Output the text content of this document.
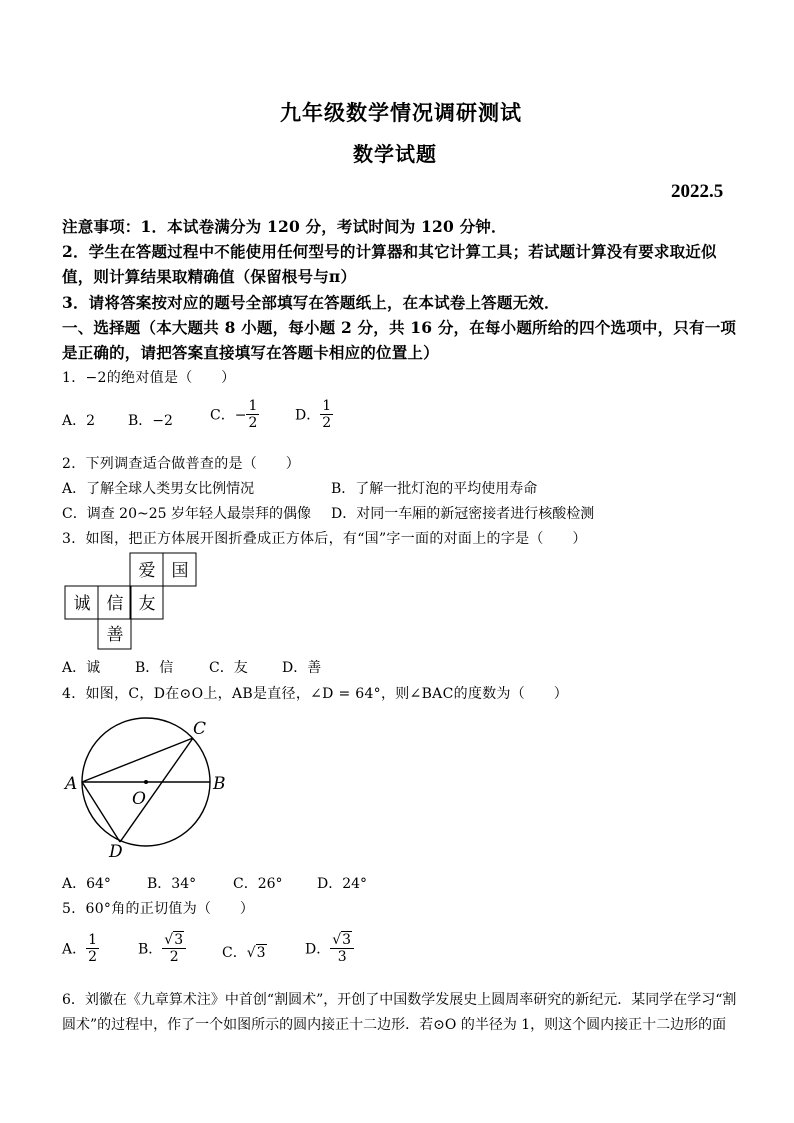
九年级数学情况调研测试
数学试题
2022.5
注意事项：1．本试卷满分为 120 分，考试时间为 120 分钟．
2．学生在答题过程中不能使用任何型号的计算器和其它计算工具；若试题计算没有要求取近似
值，则计算结果取精确值（保留根号与π）
3．请将答案按对应的题号全部填写在答题纸上，在本试卷上答题无效．
一、选择题（本大题共 8 小题，每小题 2 分，共 16 分，在每小题所给的四个选项中，只有一项
是正确的，请把答案直接填写在答题卡相应的位置上）
1．−2的绝对值是（　　）
A．2 B．−2	C．− $\frac{1}{2}$	D． $\frac{1}{2}$
2．下列调查适合做普查的是（　　）
A．了解全球人类男女比例情况	B．了解一批灯泡的平均使用寿命
C．调查 20~25 岁年轻人最崇拜的偶像 D．对同一车厢的新冠密接者进行核酸检测
3．如图，把正方体展开图折叠成正方体后，有“国”字一面的对面上的字是（　　）
爱 国
诚 信 友
善
A．诚 B．信	C．友 D．善
4．如图，C，D在⊙O上，AB是直径，∠D = 64°，则∠BAC的度数为（　　）
A	B
C
D
O
A．64°	B．34°	C．26° D．24°
5．60°角的正切值为（　　）
A． $\frac{1}{2}$	B． $\frac{√3}{2}$	C．√3	D． $\frac{√3}{3}$
6．刘徽在《九章算术注》中首创“割圆术”，开创了中国数学发展史上圆周率研究的新纪元．某同学在学习“割
圆术”的过程中，作了一个如图所示的圆内接正十二边形．若⊙O 的半径为 1，则这个圆内接正十二边形的面
